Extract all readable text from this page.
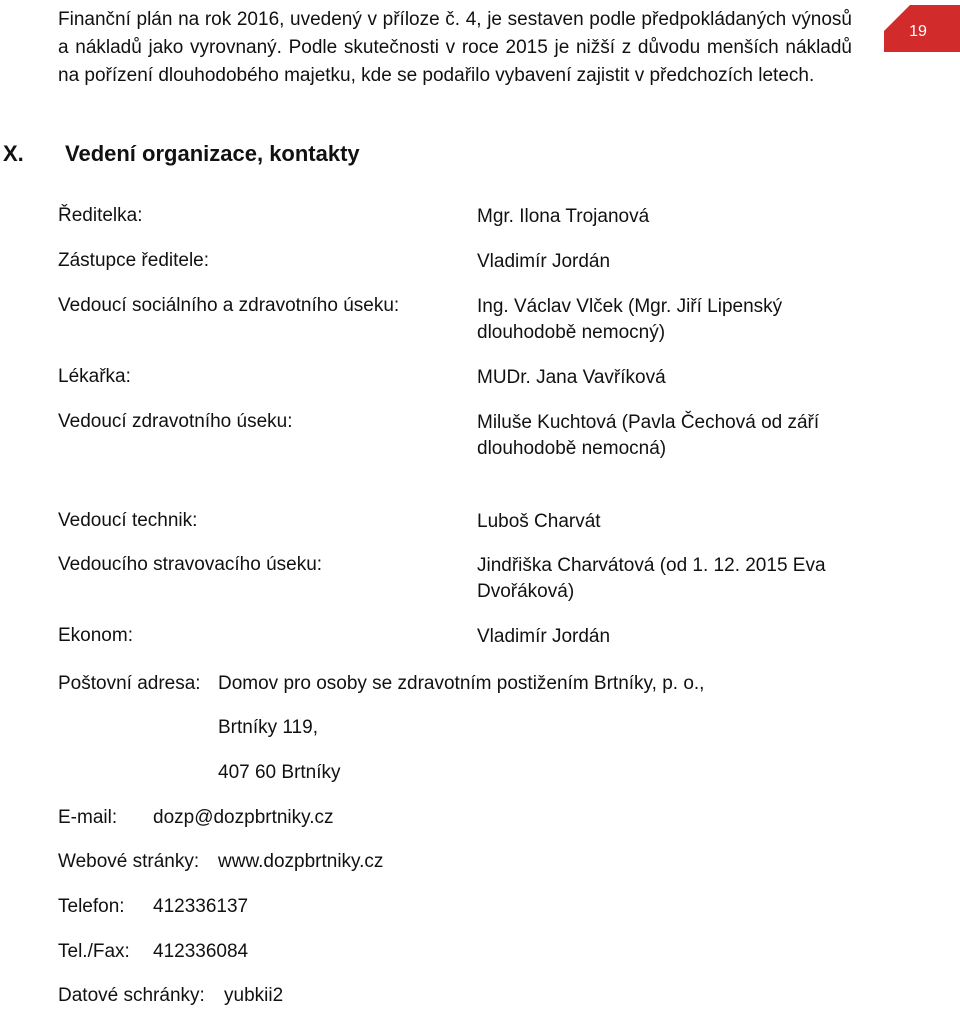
Finanční plán na rok 2016, uvedený v příloze č. 4, je sestaven podle předpokládaných výnosů a nákladů jako vyrovnaný. Podle skutečnosti v roce 2015 je nižší z důvodu menších nákladů na pořízení dlouhodobého majetku, kde se podařilo vybavení zajistit v předchozích letech.
19
X. Vedení organizace, kontakty
Ředitelka:	Mgr. Ilona Trojanová
Zástupce ředitele:	Vladimír Jordán
Vedoucí sociálního a zdravotního úseku:	Ing. Václav Vlček (Mgr. Jiří Lipenský dlouhodobě nemocný)
Lékařka:	MUDr. Jana Vavříková
Vedoucí zdravotního úseku:	Miluše Kuchtová (Pavla Čechová od září dlouhodobě nemocná)
Vedoucí technik:	Luboš Charvát
Vedoucího stravovacího úseku:	Jindřiška Charvátová (od 1. 12. 2015 Eva Dvořáková)
Ekonom:	Vladimír Jordán
Poštovní adresa: Domov pro osoby se zdravotním postižením Brtníky, p. o.,
Brtníky 119,
407 60 Brtníky
E-mail: dozp@dozpbrtniky.cz
Webové stránky: www.dozpbrtniky.cz
Telefon: 412336137
Tel./Fax: 412336084
Datové schránky: yubkii2
